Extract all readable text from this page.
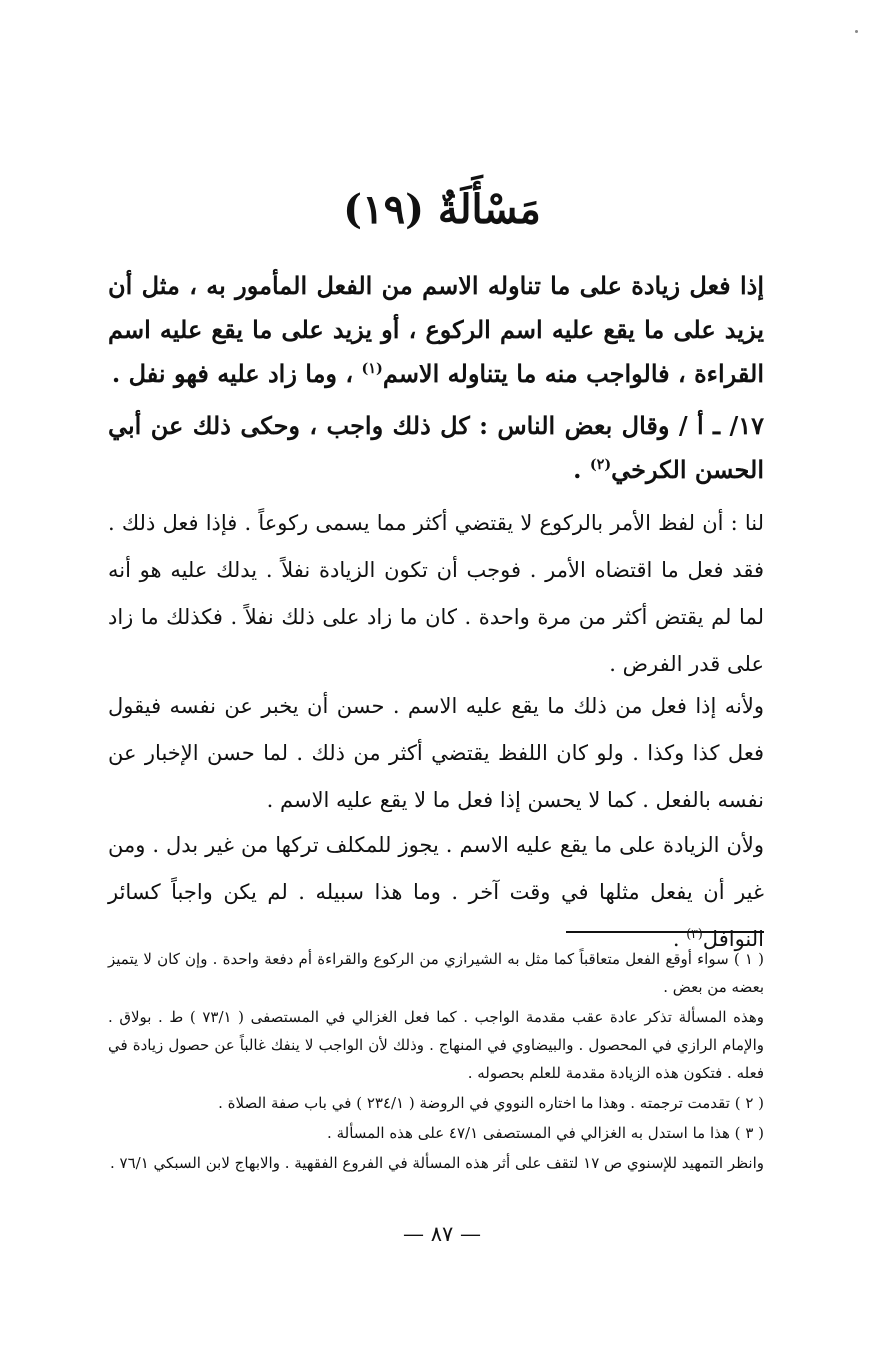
مَسْأَلَةٌ (١٩)
إذا فعل زيادة على ما تناوله الاسم من الفعل المأمور به ، مثل أن يزيد على ما يقع عليه اسم الركوع ، أو يزيد على ما يقع عليه اسم القراءة ، فالواجب منه ما يتناوله الاسم$^{(١)}$ ، وما زاد عليه فهو نفل .
١٧/ ـ أ / وقال بعض الناس : كل ذلك واجب ، وحكى ذلك عن أبي الحسن الكرخي$^{(٢)}$ .
لنا : أن لفظ الأمر بالركوع لا يقتضي أكثر مما يسمى ركوعاً . فإذا فعل ذلك . فقد فعل ما اقتضاه الأمر . فوجب أن تكون الزيادة نفلاً . يدلك عليه هو أنه لما لم يقتض أكثر من مرة واحدة . كان ما زاد على ذلك نفلاً . فكذلك ما زاد على قدر الفرض .
ولأنه إذا فعل من ذلك ما يقع عليه الاسم . حسن أن يخبر عن نفسه فيقول فعل كذا وكذا . ولو كان اللفظ يقتضي أكثر من ذلك . لما حسن الإخبار عن نفسه بالفعل . كما لا يحسن إذا فعل ما لا يقع عليه الاسم .
ولأن الزيادة على ما يقع عليه الاسم . يجوز للمكلف تركها من غير بدل . ومن غير أن يفعل مثلها في وقت آخر . وما هذا سبيله . لم يكن واجباً كسائر النوافل$^{(٣)}$ .

( ١ ) سواء أوقع الفعل متعاقباً كما مثل به الشيرازي من الركوع والقراءة أم دفعة واحدة . وإن كان لا يتميز بعضه من بعض .

وهذه المسألة تذكر عادة عقب مقدمة الواجب . كما فعل الغزالي في المستصفى ( ٧٣/١ ) ط . بولاق . والإمام الرازي في المحصول . والبيضاوي في المنهاج . وذلك لأن الواجب لا ينفك غالباً عن حصول زيادة في فعله . فتكون هذه الزيادة مقدمة للعلم بحصوله .

( ٢ ) تقدمت ترجمته . وهذا ما اختاره النووي في الروضة ( ٢٣٤/١ ) في باب صفة الصلاة .

( ٣ ) هذا ما استدل به الغزالي في المستصفى ٤٧/١ على هذه المسألة .

وانظر التمهيد للإسنوي ص ١٧ لتقف على أثر هذه المسألة في الفروع الفقهية . والابهاج لابن السبكي ٧٦/١ .

— ٨٧ —
